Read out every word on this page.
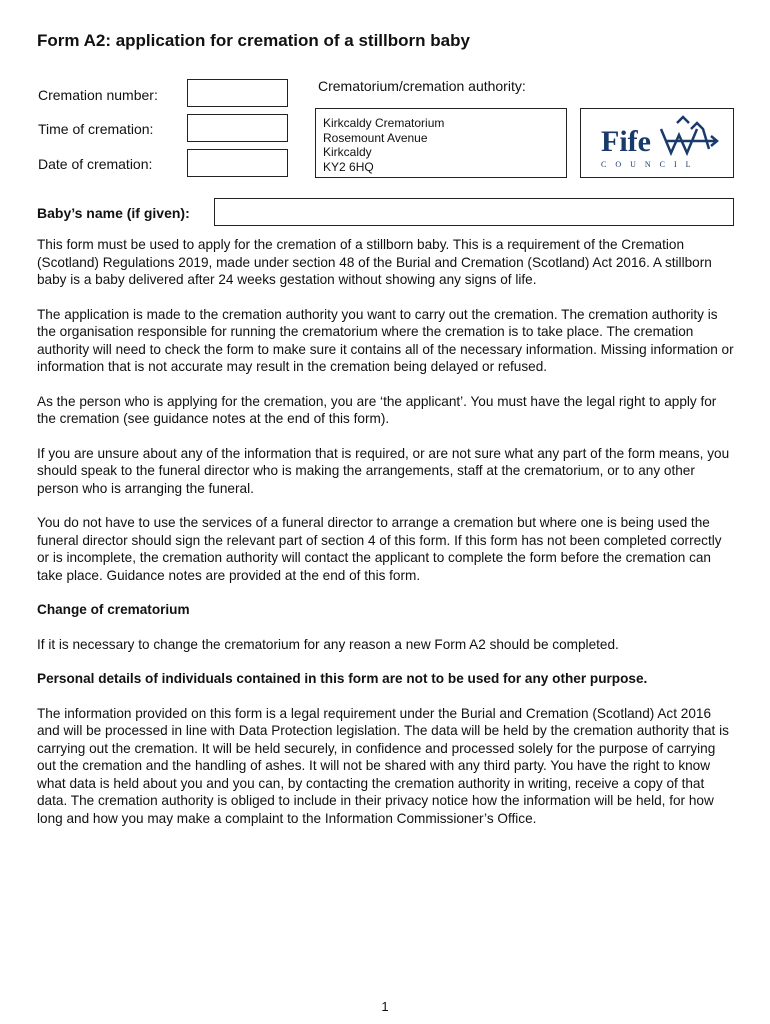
Form A2: application for cremation of a stillborn baby
Cremation number:
Time of cremation:
Date of cremation:
Crematorium/cremation authority:
Kirkcaldy Crematorium
Rosemount Avenue
Kirkcaldy
KY2 6HQ
Fife
COUNCIL
Baby’s name (if given):

This form must be used to apply for the cremation of a stillborn baby. This is a requirement of the Cremation (Scotland) Regulations 2019, made under section 48 of the Burial and Cremation (Scotland) Act 2016. A stillborn baby is a baby delivered after 24 weeks gestation without showing any signs of life.

The application is made to the cremation authority you want to carry out the cremation. The cremation authority is the organisation responsible for running the crematorium where the cremation is to take place. The cremation authority will need to check the form to make sure it contains all of the necessary information. Missing information or information that is not accurate may result in the cremation being delayed or refused.

As the person who is applying for the cremation, you are ‘the applicant’. You must have the legal right to apply for the cremation (see guidance notes at the end of this form).

If you are unsure about any of the information that is required, or are not sure what any part of the form means, you should speak to the funeral director who is making the arrangements, staff at the crematorium, or to any other person who is arranging the funeral.

You do not have to use the services of a funeral director to arrange a cremation but where one is being used the funeral director should sign the relevant part of section 4 of this form. If this form has not been completed correctly or is incomplete, the cremation authority will contact the applicant to complete the form before the cremation can take place. Guidance notes are provided at the end of this form.

Change of crematorium

If it is necessary to change the crematorium for any reason a new Form A2 should be completed.

Personal details of individuals contained in this form are not to be used for any other purpose.

The information provided on this form is a legal requirement under the Burial and Cremation (Scotland) Act 2016 and will be processed in line with Data Protection legislation. The data will be held by the cremation authority that is carrying out the cremation. It will be held securely, in confidence and processed solely for the purpose of carrying out the cremation and the handling of ashes. It will not be shared with any third party. You have the right to know what data is held about you and you can, by contacting the cremation authority in writing, receive a copy of that data. The cremation authority is obliged to include in their privacy notice how the information will be held, for how long and how you may make a complaint to the Information Commissioner’s Office.

1
